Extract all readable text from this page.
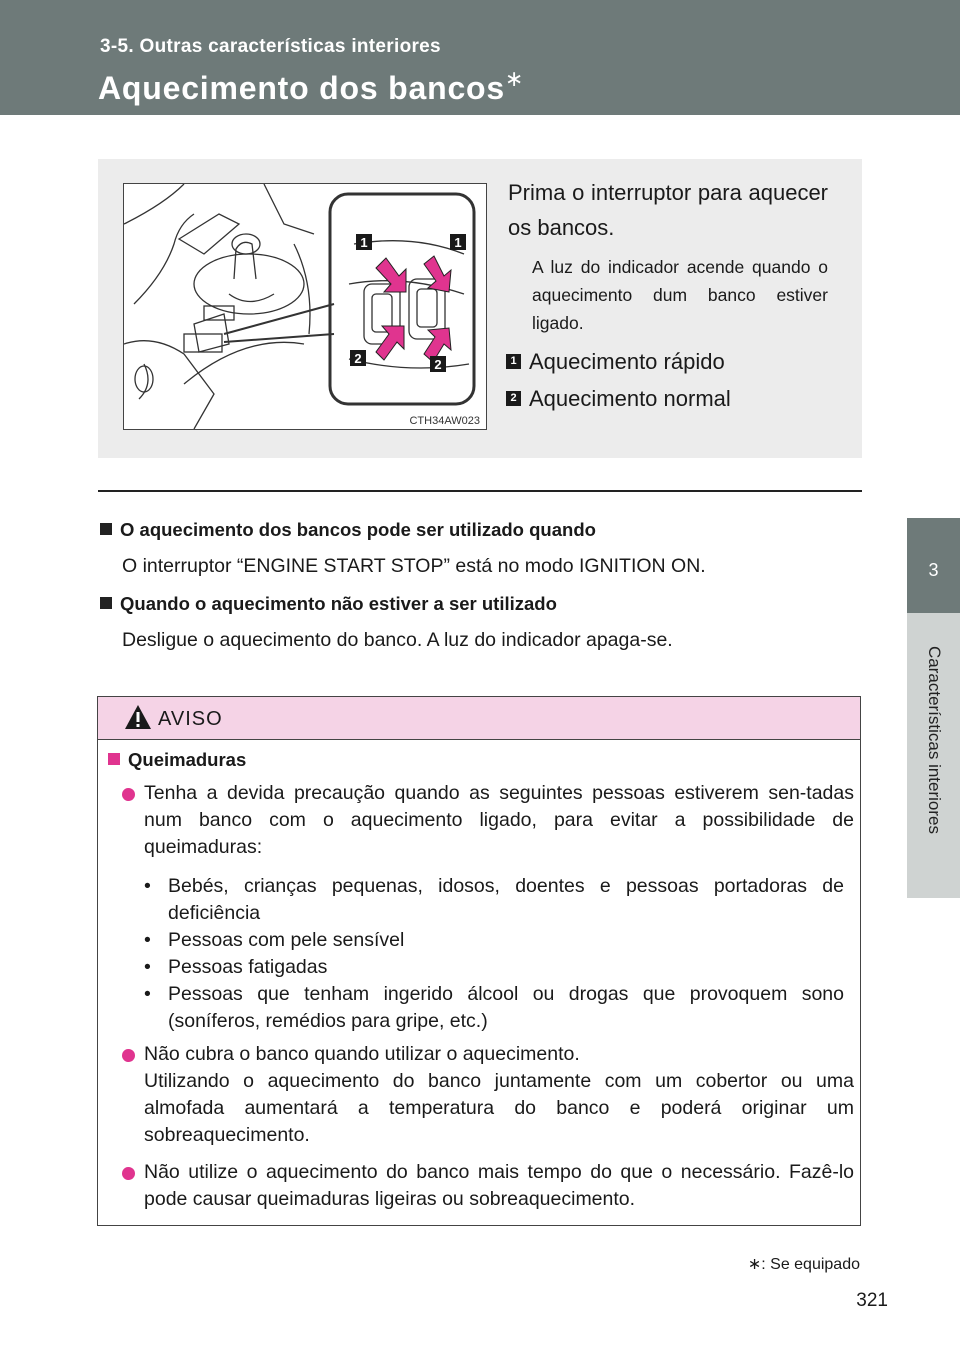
3-5. Outras características interiores
Aquecimento dos bancos∗
3
Características interiores
1	1
2	2
CTH34AW023
Prima o interruptor para aquecer os bancos.
A luz do indicador acende quando o aquecimento dum banco estiver ligado.
1 Aquecimento rápido
2 Aquecimento normal
O aquecimento dos bancos pode ser utilizado quando
O interruptor “ENGINE START STOP” está no modo IGNITION ON.
Quando o aquecimento não estiver a ser utilizado
Desligue o aquecimento do banco. A luz do indicador apaga-se.
AVISO
Queimaduras
Tenha a devida precaução quando as seguintes pessoas estiverem sen-tadas num banco com o aquecimento ligado, para evitar a possibilidade de queimaduras:
• Bebés, crianças pequenas, idosos, doentes e pessoas portadoras de deficiência
• Pessoas com pele sensível
• Pessoas fatigadas
• Pessoas que tenham ingerido álcool ou drogas que provoquem sono (soníferos, remédios para gripe, etc.)
Não cubra o banco quando utilizar o aquecimento.
Utilizando o aquecimento do banco juntamente com um cobertor ou uma almofada aumentará a temperatura do banco e poderá originar um sobreaquecimento.
Não utilize o aquecimento do banco mais tempo do que o necessário. Fazê-lo pode causar queimaduras ligeiras ou sobreaquecimento.
∗: Se equipado
321
